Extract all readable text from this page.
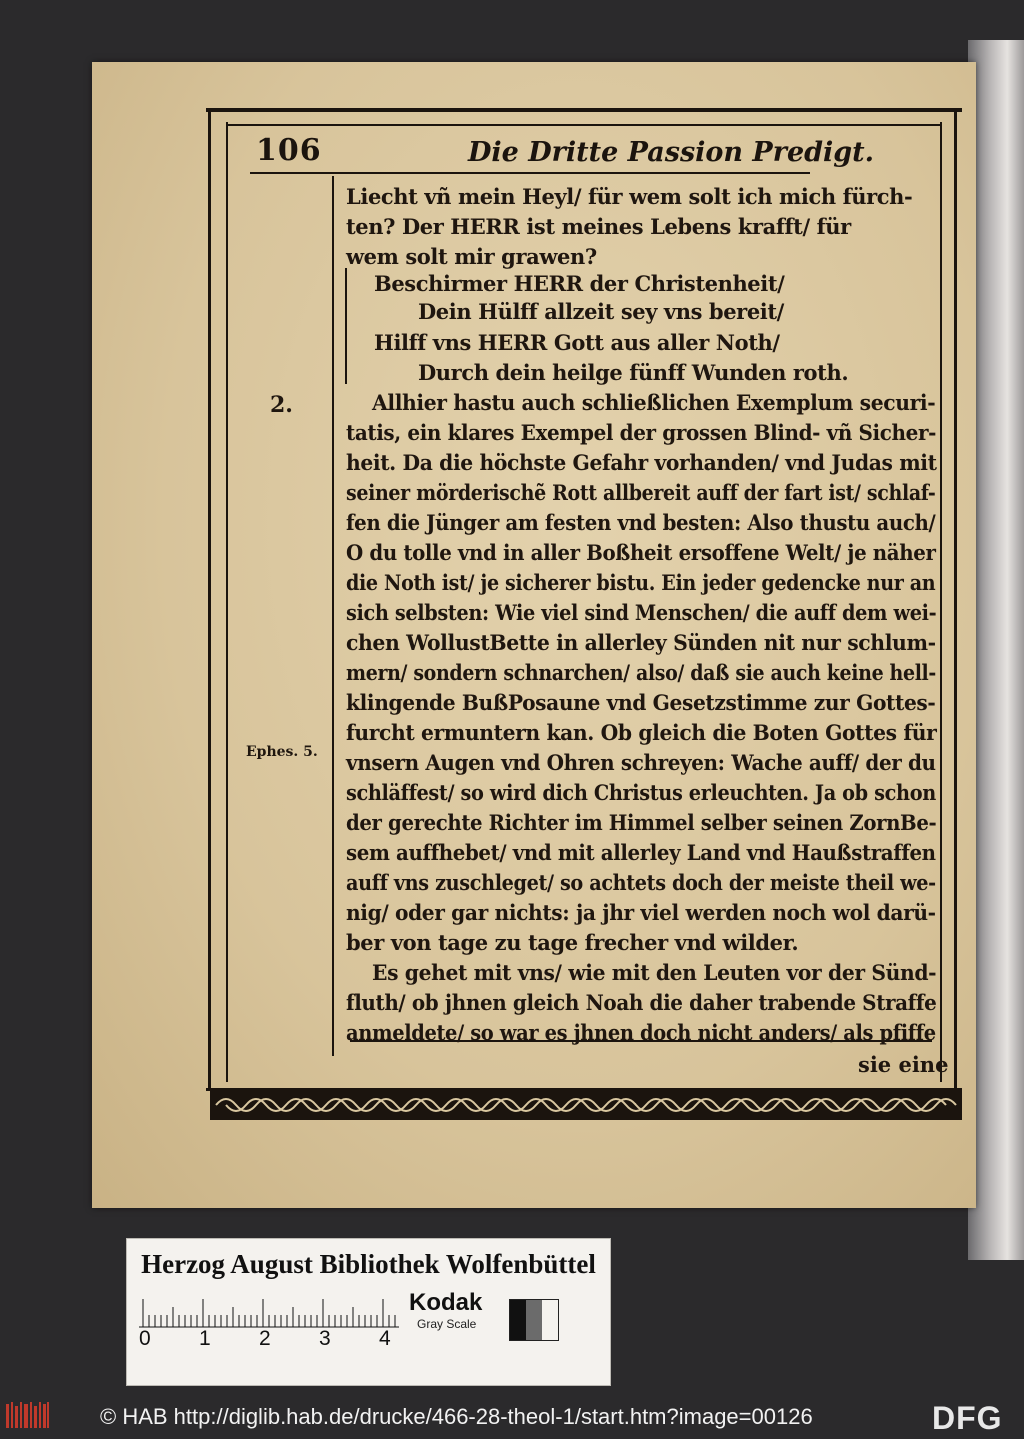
106	Die Dritte Passion Predigt.
Liecht vñ mein Heyl/ für wem solt ich mich fürch-
ten? Der HERR ist meines Lebens krafft/ für
wem solt mir grawen?
Beschirmer HERR der Christenheit/
Dein Hülff allzeit sey vns bereit/
Hilff vns HERR Gott aus aller Noth/
Durch dein heilge fünff Wunden roth.
Allhier hastu auch schließlichen Exemplum securi-
tatis, ein klares Exempel der grossen Blind- vñ Sicher-
heit. Da die höchste Gefahr vorhanden/ vnd Judas mit
seiner mörderischẽ Rott allbereit auff der fart ist/ schlaf-
fen die Jünger am festen vnd besten: Also thustu auch/
O du tolle vnd in aller Boßheit ersoffene Welt/ je näher
die Noth ist/ je sicherer bistu. Ein jeder gedencke nur an
sich selbsten: Wie viel sind Menschen/ die auff dem wei-
chen WollustBette in allerley Sünden nit nur schlum-
mern/ sondern schnarchen/ also/ daß sie auch keine hell-
klingende BußPosaune vnd Gesetzstimme zur Gottes-
furcht ermuntern kan. Ob gleich die Boten Gottes für
vnsern Augen vnd Ohren schreyen: Wache auff/ der du
schläffest/ so wird dich Christus erleuchten. Ja ob schon
der gerechte Richter im Himmel selber seinen ZornBe-
sem auffhebet/ vnd mit allerley Land vnd Haußstraffen
auff vns zuschleget/ so achtets doch der meiste theil we-
nig/ oder gar nichts: ja jhr viel werden noch wol darü-
ber von tage zu tage frecher vnd wilder.
Es gehet mit vns/ wie mit den Leuten vor der Sünd-
fluth/ ob jhnen gleich Noah die daher trabende Straffe
anmeldete/ so war es jhnen doch nicht anders/ als pfiffe
2.
Ephes. 5.
sie eine
Herzog August Bibliothek Wolfenbüttel
0 1 2 3 4
Kodak
Gray Scale
© HAB http://diglib.hab.de/drucke/466-28-theol-1/start.htm?image=00126	DFG
